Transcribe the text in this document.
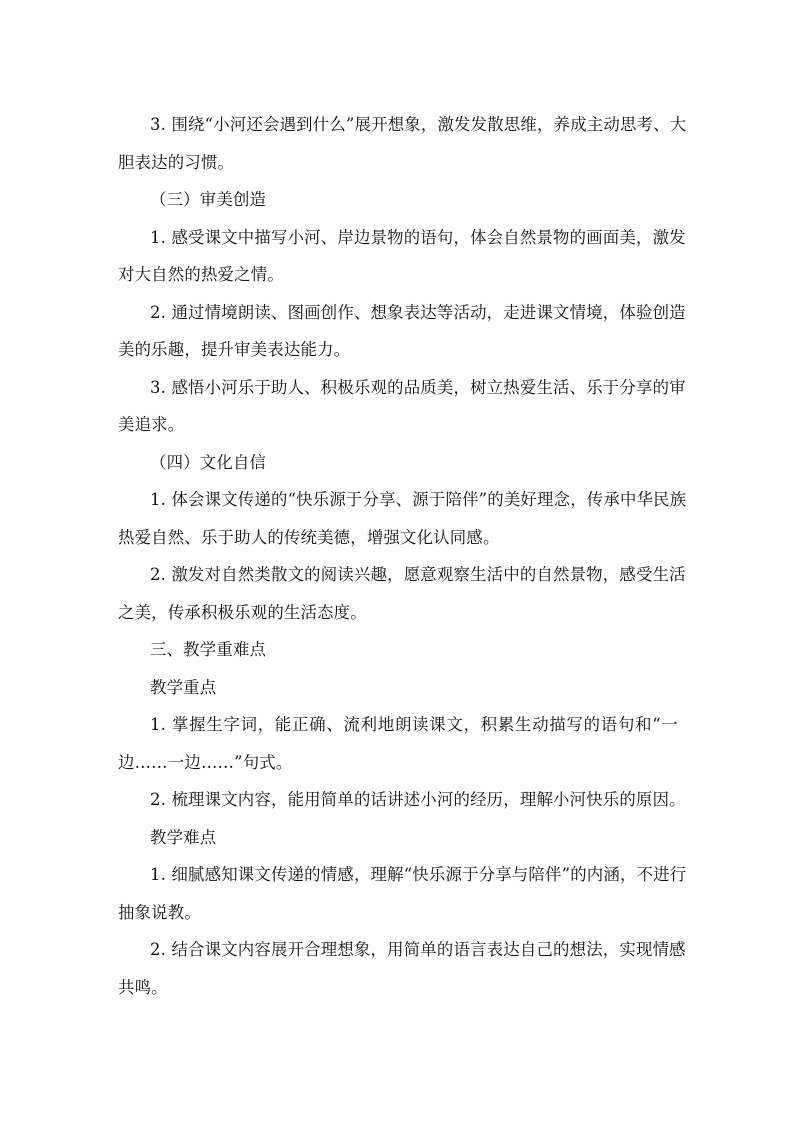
3. 围绕“小河还会遇到什么”展开想象，激发发散思维，养成主动思考、大
胆表达的习惯。
（三）审美创造
1. 感受课文中描写小河、岸边景物的语句，体会自然景物的画面美，激发
对大自然的热爱之情。
2. 通过情境朗读、图画创作、想象表达等活动，走进课文情境，体验创造
美的乐趣，提升审美表达能力。
3. 感悟小河乐于助人、积极乐观的品质美，树立热爱生活、乐于分享的审
美追求。
（四）文化自信
1. 体会课文传递的“快乐源于分享、源于陪伴”的美好理念，传承中华民族
热爱自然、乐于助人的传统美德，增强文化认同感。
2. 激发对自然类散文的阅读兴趣，愿意观察生活中的自然景物，感受生活
之美，传承积极乐观的生活态度。
三、教学重难点
教学重点
1. 掌握生字词，能正确、流利地朗读课文，积累生动描写的语句和“一
边……一边……”句式。
2. 梳理课文内容，能用简单的话讲述小河的经历，理解小河快乐的原因。
教学难点
1. 细腻感知课文传递的情感，理解“快乐源于分享与陪伴”的内涵，不进行
抽象说教。
2. 结合课文内容展开合理想象，用简单的语言表达自己的想法，实现情感
共鸣。
